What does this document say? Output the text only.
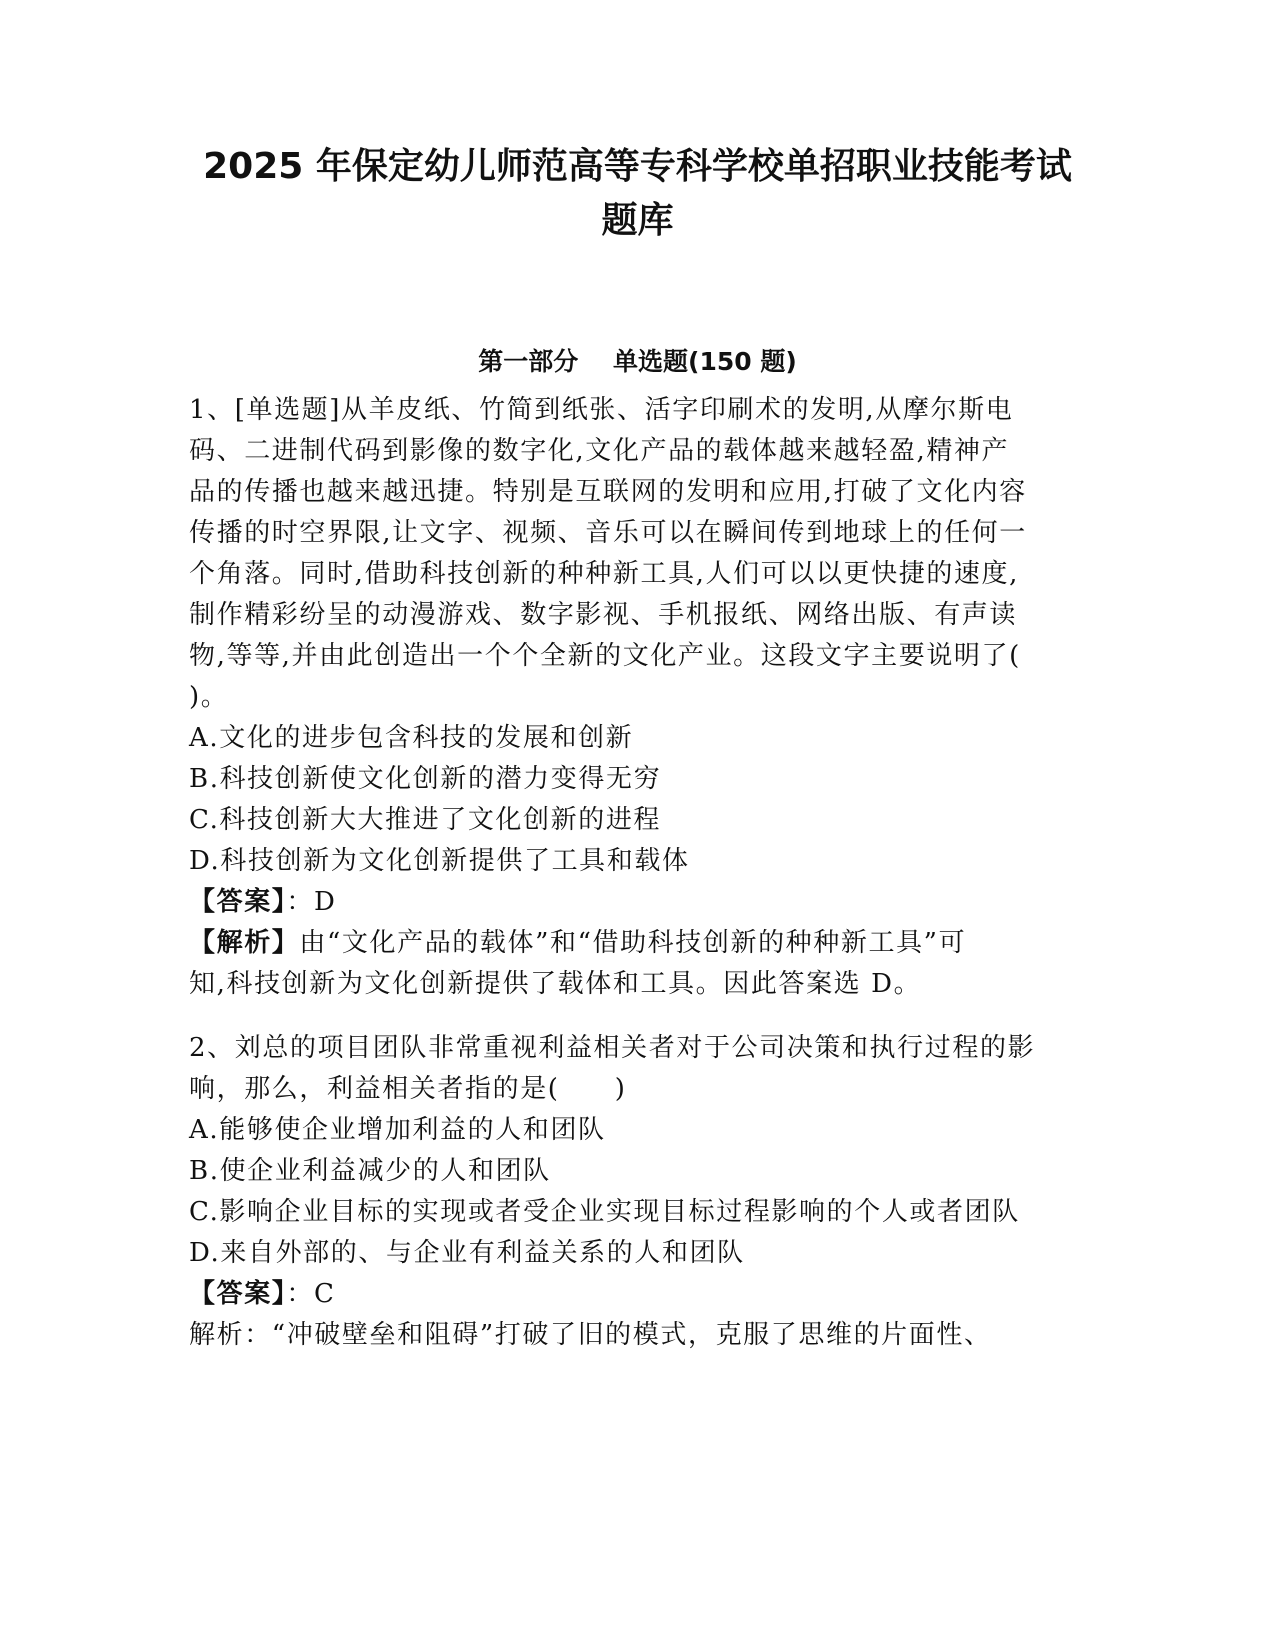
2025 年保定幼儿师范高等专科学校单招职业技能考试
题库
第一部分    单选题(150 题)
1、[单选题]从羊皮纸、竹简到纸张、活字印刷术的发明,从摩尔斯电
码、二进制代码到影像的数字化,文化产品的载体越来越轻盈,精神产
品的传播也越来越迅捷。特别是互联网的发明和应用,打破了文化内容
传播的时空界限,让文字、视频、音乐可以在瞬间传到地球上的任何一
个角落。同时,借助科技创新的种种新工具,人们可以以更快捷的速度,
制作精彩纷呈的动漫游戏、数字影视、手机报纸、网络出版、有声读
物,等等,并由此创造出一个个全新的文化产业。这段文字主要说明了(
)。
A.文化的进步包含科技的发展和创新
B.科技创新使文化创新的潜力变得无穷
C.科技创新大大推进了文化创新的进程
D.科技创新为文化创新提供了工具和载体
【答案】：D
【解析】由“文化产品的载体”和“借助科技创新的种种新工具”可
知,科技创新为文化创新提供了载体和工具。因此答案选 D。
2、刘总的项目团队非常重视利益相关者对于公司决策和执行过程的影
响，那么，利益相关者指的是(　　)
A.能够使企业增加利益的人和团队
B.使企业利益减少的人和团队
C.影响企业目标的实现或者受企业实现目标过程影响的个人或者团队
D.来自外部的、与企业有利益关系的人和团队
【答案】：C
解析：“冲破壁垒和阻碍”打破了旧的模式，克服了思维的片面性、
